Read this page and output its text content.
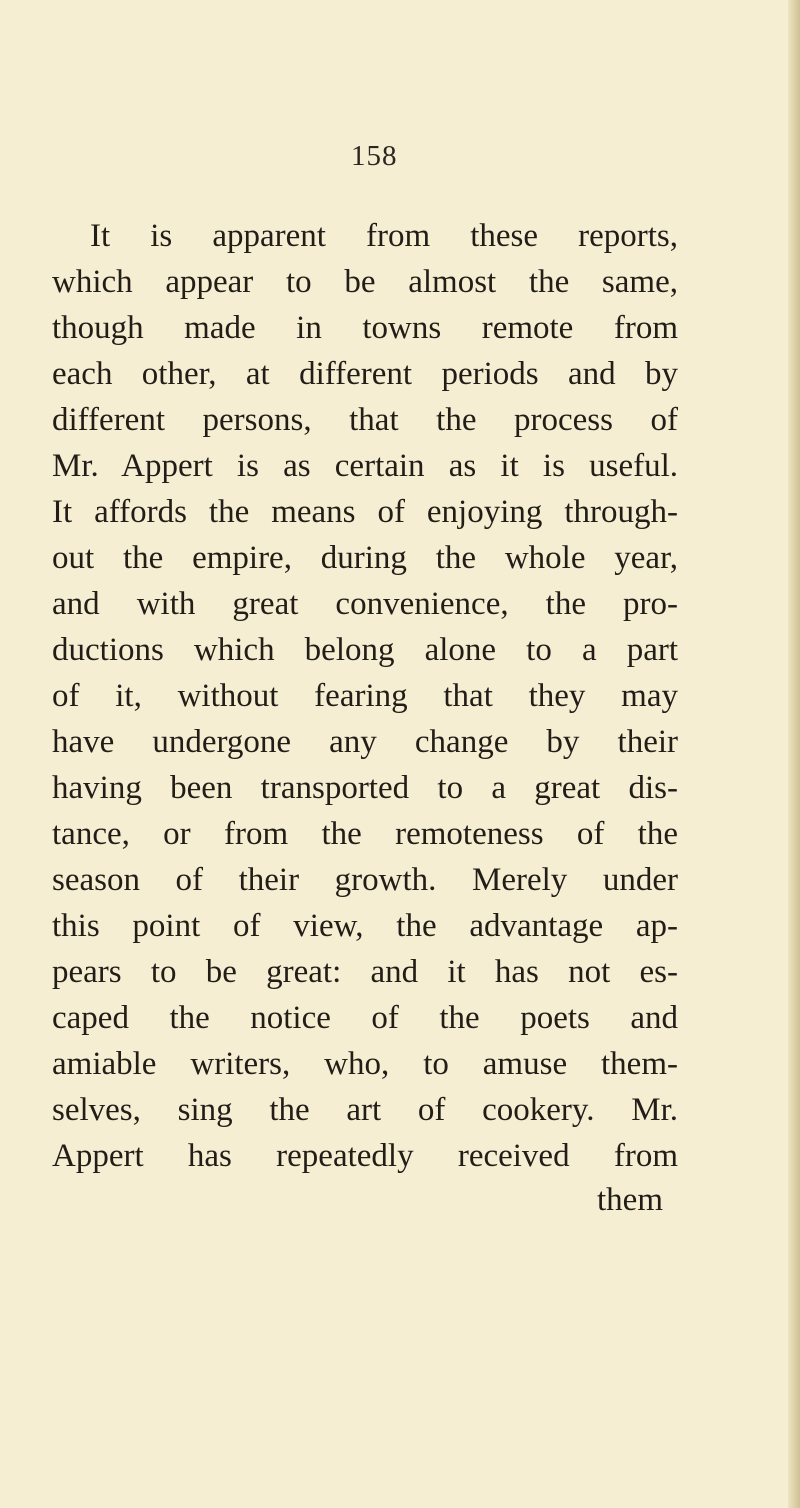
158
It is apparent from these reports,
which appear to be almost the same,
though made in towns remote from
each other, at different periods and by
different persons, that the process of
Mr. Appert is as certain as it is useful.
It affords the means of enjoying through-
out the empire, during the whole year,
and with great convenience, the pro-
ductions which belong alone to a part
of it, without fearing that they may
have undergone any change by their
having been transported to a great dis-
tance, or from the remoteness of the
season of their growth. Merely under
this point of view, the advantage ap-
pears to be great: and it has not es-
caped the notice of the poets and
amiable writers, who, to amuse them-
selves, sing the art of cookery. Mr.
Appert has repeatedly received from
them
